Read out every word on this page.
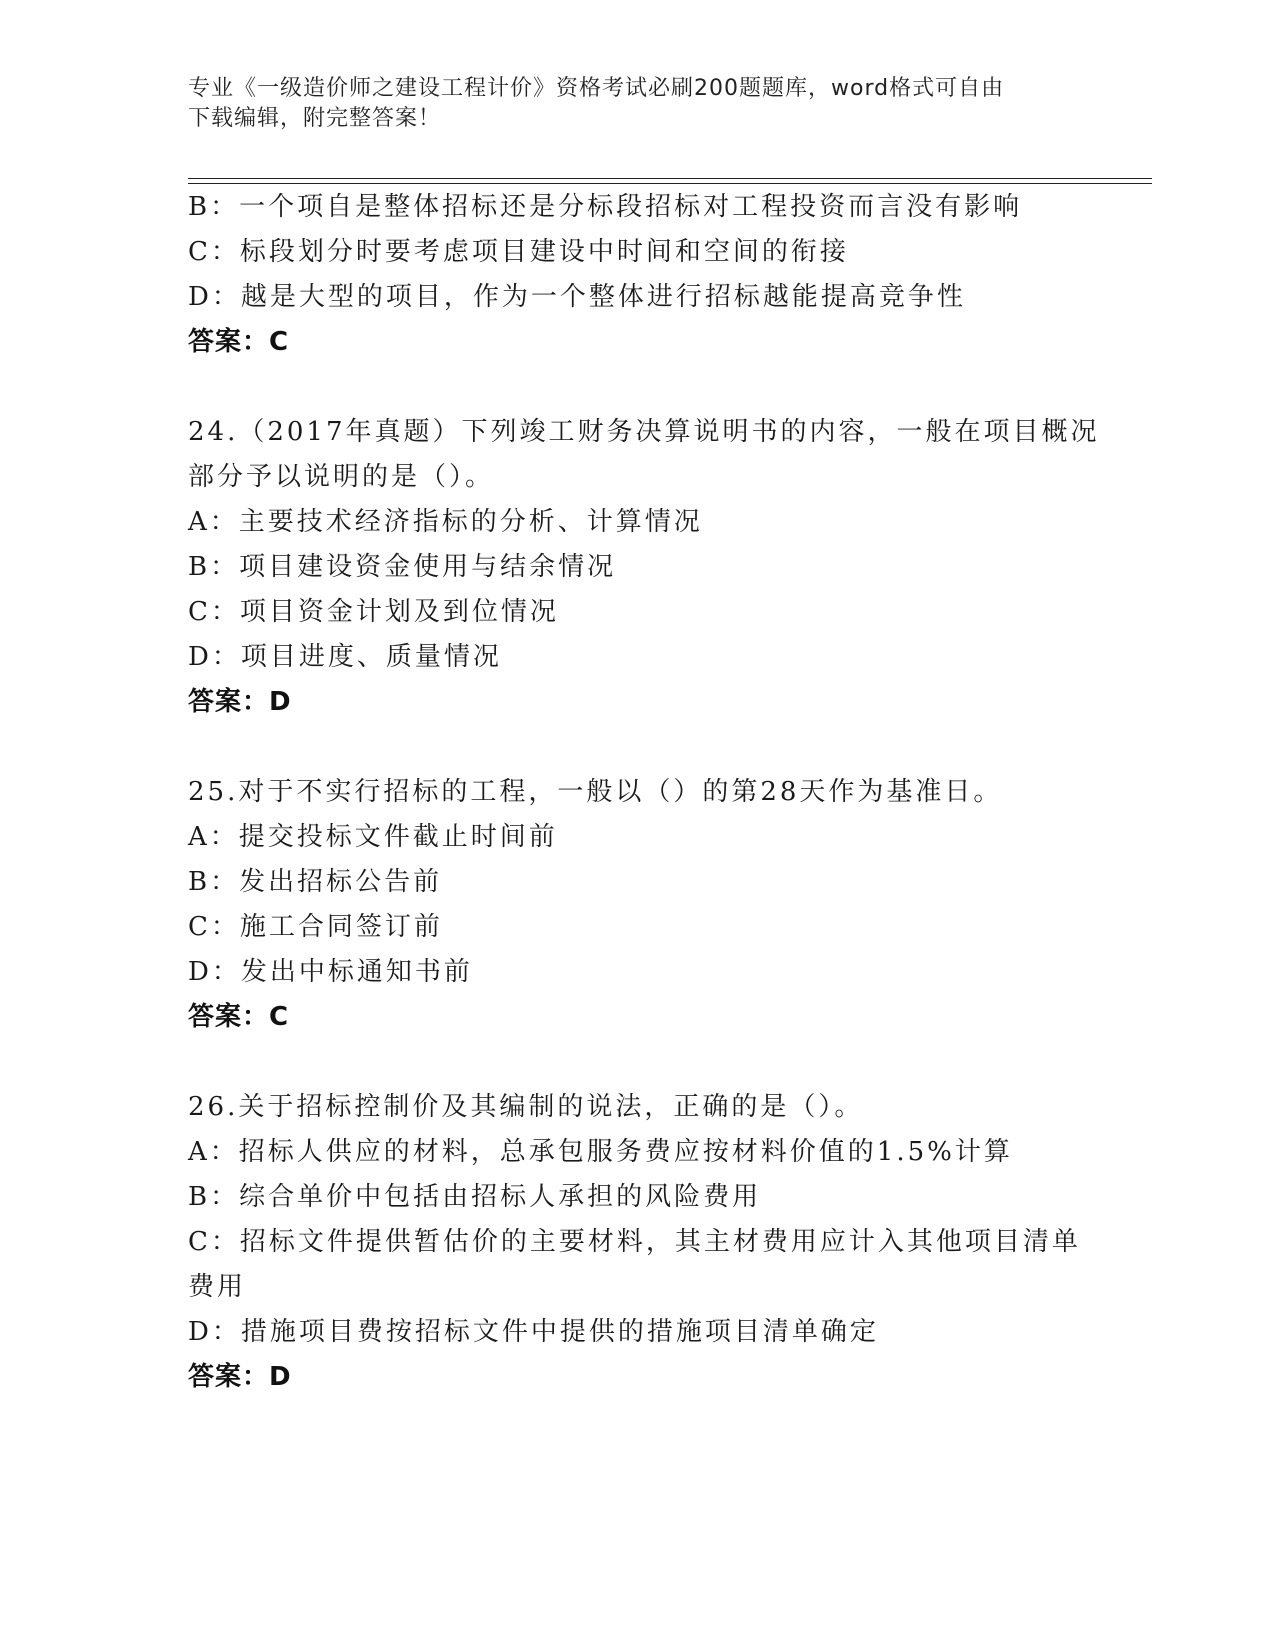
专业《一级造价师之建设工程计价》资格考试必刷200题题库，word格式可自由
下载编辑，附完整答案！
B：一个项自是整体招标还是分标段招标对工程投资而言没有影响
C：标段划分时要考虑项目建设中时间和空间的衔接
D：越是大型的项目，作为一个整体进行招标越能提高竞争性
答案：C
24.（2017年真题）下列竣工财务决算说明书的内容，一般在项目概况
部分予以说明的是（）。
A：主要技术经济指标的分析、计算情况
B：项目建设资金使用与结余情况
C：项目资金计划及到位情况
D：项目进度、质量情况
答案：D
25.对于不实行招标的工程，一般以（）的第28天作为基准日。
A：提交投标文件截止时间前
B：发出招标公告前
C：施工合同签订前
D：发出中标通知书前
答案：C
26.关于招标控制价及其编制的说法，正确的是（）。
A：招标人供应的材料，总承包服务费应按材料价值的1.5%计算
B：综合单价中包括由招标人承担的风险费用
C：招标文件提供暂估价的主要材料，其主材费用应计入其他项目清单
费用
D：措施项目费按招标文件中提供的措施项目清单确定
答案：D
